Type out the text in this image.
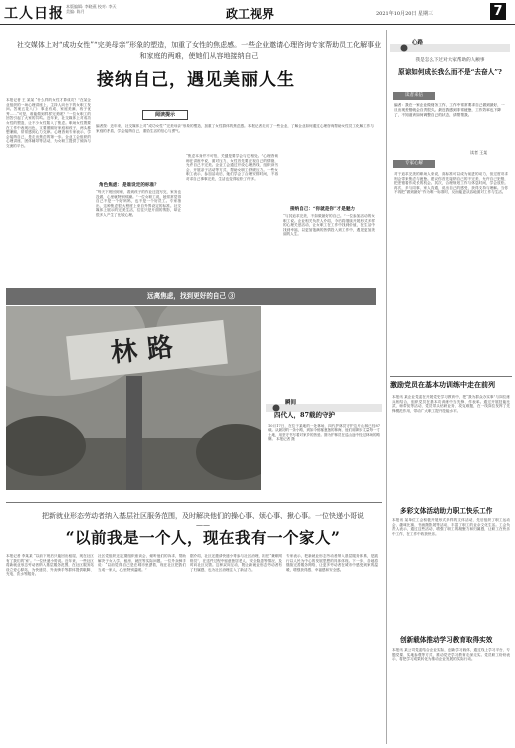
工人日报 本版编辑: 李晓燕 校对: 李天 美编: 陈月	政工视界	2021年10月20日 星期三	7
社交媒体上对“成功女性”“完美母亲”形象的塑造，加重了女性的焦虑感。一些企业邀请心理咨询专家帮助员工化解事业和家庭的两难，使她们从容地接纳自己
接纳自己，遇见美丽人生
本报记者 王 某某 “什么样的女性才算成功？”在某企业组织的一场心理讲座上，主持人向台下的女职工发问。答案五花八门：事业有成、家庭美满、孩子优秀……“可是，谁能做到样样完美呢？”一位女职工的回答引起了大家的共鸣。近年来，社交媒体上对成功女性的塑造，让不少女性陷入了焦虑。职场女性既要在工作中表现出色，又要照顾好家庭和孩子，两头都想兼顾，常常感到心力交瘁。心理咨询专家表示，学会接纳自己，是走出焦虑的第一步。企业工会组织的心理讲座、团体辅导等活动，为女职工提供了倾诉与交流的平台。
阅读提示
编者按：近年来，社交媒体上对“成功女性”“完美母亲”形象的塑造，加重了女性群体的焦虑感。本报记者走访了一些企业，了解企业如何通过心理咨询帮助女性员工化解工作与家庭的矛盾，学会接纳自己，重拾生活的信心与勇气。
“每天下班回到家，看到孩子的作业还没写完，家务也没做，心里就特别烦躁。”一位女职工说，她常常觉得自己不是一个好妈妈，也不是一个好员工。专家指出，这种焦虑很大程度上来自外界设定的标准。社交媒体上展示的完美生活，往往只是片面的剪影，却让很多人产生了比较心理。
角色焦虑：是谁设定的标准？
“焦虑本身并不可怕，关键是要学会与它相处。”心理咨询师在讲座中说，面对压力，女性首先要正视自己的情绪，允许自己不完美。企业工会通过开设心理热线、组织读书会、开展亲子活动等方式，帮助女职工舒缓压力。一些女职工表示，参加活动后，她们学会了合理安排时间，不再苛求自己事事完美，生活也变得轻松了许多。
“与其追求完美，不如做最好的自己。”一位参加活动的女职工说。企业相关负责人介绍，今后将继续开展形式多样的心理关爱活动，让女职工在工作中找到价值，在生活中找到幸福，以更加饱满的热情投入到工作中，遇见更加美丽的人生。
接纳自己：“你就是你”才是魅力
心路
我是怎么下过对大家帮助的人额事
原谅如何成长我么而不是“去奋人”?
读者来信
编者：我在一家企业做财务工作，工作中常常要求自己做到最好，一旦出现差错就会自责很久。最近我感到非常疲惫，工作效率也下降了，不知道该如何调整自己的状态，请帮帮我。
读者 王某
专家心解
对于追求完美的职场人来说，高标准可以成为前进的动力，但过度苛求则会带来焦虑与疲惫。建议你首先接纳自己的不完美，允许自己犯错，把差错看作成长的机会。其次，合理规划工作与休息时间，学会放松。再次，多与同事、家人沟通，说出自己的感受，获得支持与理解。当你不再把“做到最好”作为唯一标准时，反而能更从容地面对工作与生活。
远离焦虑，找到更好的自己 ③
林路
瞬间
四代人，87载的守护
10月17日，在位于某地的一处林场，四代护林员守护这片山林已经87载。从最初的一条小路，到如今郁郁葱葱的林海，他们用脚步丈量每一寸土地，用坚守书写着对家乡的热爱。图为护林员在巡山途中经过林场的路牌。 本报记者 摄
把新就业形态劳动者纳入基层社区服务范围，及时解决他们的操心事、烦心事、揪心事。一位快递小哥说——
“以前我是一个人，现在我有一个家人”
本报记者 李某某 “以前下班后只能回出租屋，现在社区有了我们的‘家’。”一位快递小哥说。近年来，一些社区将新就业形态劳动者纳入基层服务范围，在社区服务站设立爱心驿站，为快递员、外卖骑手等群体提供歇脚、充电、饮水等服务。
社区党组织还定期组织座谈会，倾听他们的诉求，帮助解决子女入学、租房、就医等实际问题。一位外卖骑手说：“以前觉得自己是在城市里漂着，现在社区把我们当成一家人，心里特别温暖。”
据介绍，社区还邀请快递小哥参与社区治理，担任“兼职网格员”，在送件过程中留意独居老人、安全隐患等情况，及时向社区反馈。这种双向互动，既让新就业形态劳动者有了归属感，也为社区治理注入了新活力。
专家表示，把新就业形态劳动者纳入基层服务体系，是践行以人民为中心的发展思想的具体体现。下一步，各地将继续完善服务网络，让更多劳动者在城市中感受到家的温暖，增强获得感、幸福感和安全感。
激励党员在基本功训练中走在前列
本报讯 某企业党委在开展党史学习教育中，把“我为群众办实事”与岗位练兵相结合，组织党员在基本功训练中当先锋、作表率。通过开展技能比武、师带徒等活动，党员带头钻研业务、攻克难题，在一线岗位发挥了先锋模范作用，带动广大职工提升技能水平。
多彩文体活动助力职工快乐工作
本报讯 某单位工会积极开展形式多样的文体活动，先后组织了职工运动会、趣味比赛、书画摄影展等活动，丰富了职工的业余文化生活。工会负责人表示，通过这些活动，增强了职工的凝聚力和归属感，让职工在快乐中工作，在工作中收获快乐。
创新载体推动学习教育取得实效
本报讯 某公司党委结合企业实际，创新学习载体，通过线上学习平台、专题党课、实地参观等方式，推动党史学习教育走深走实。党员职工纷纷表示，将把学习成果转化为推动企业发展的实际行动。
